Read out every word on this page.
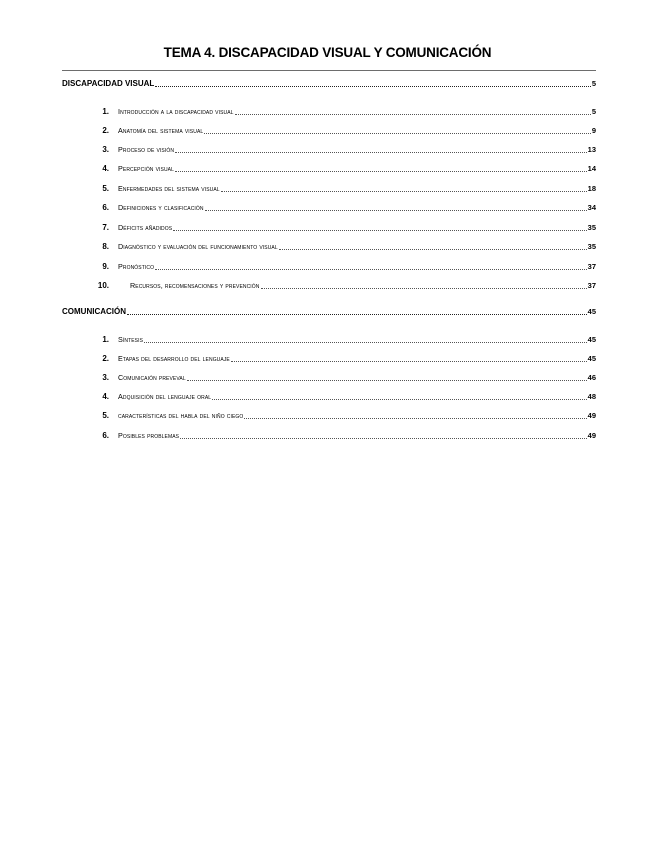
TEMA 4. DISCAPACIDAD VISUAL Y COMUNICACIÓN
DISCAPACIDAD VISUAL	5
1.	Introducción a la discapacidad visual	5
2.	Anatomía del sistema visual	9
3.	Proceso de visión	13
4.	Percepción visual	14
5.	Enfermedades del sistema visual	18
6.	Definiciones y clasificación	34
7.	Déficits añadidos	35
8.	Diagnóstico y evaluación del funcionamiento visual	35
9.	Pronóstico	37
10.	Recursos, recomensaciones y prevención	37
COMUNICACIÓN	45
1.	Síntesis	45
2.	Etapas del desarrollo del lenguaje	45
3.	Comunicaión preveval	46
4.	Adquisición del lenguaje oral	48
5.	características del habla del niño ciego	49
6.	Posibles problemas	49
